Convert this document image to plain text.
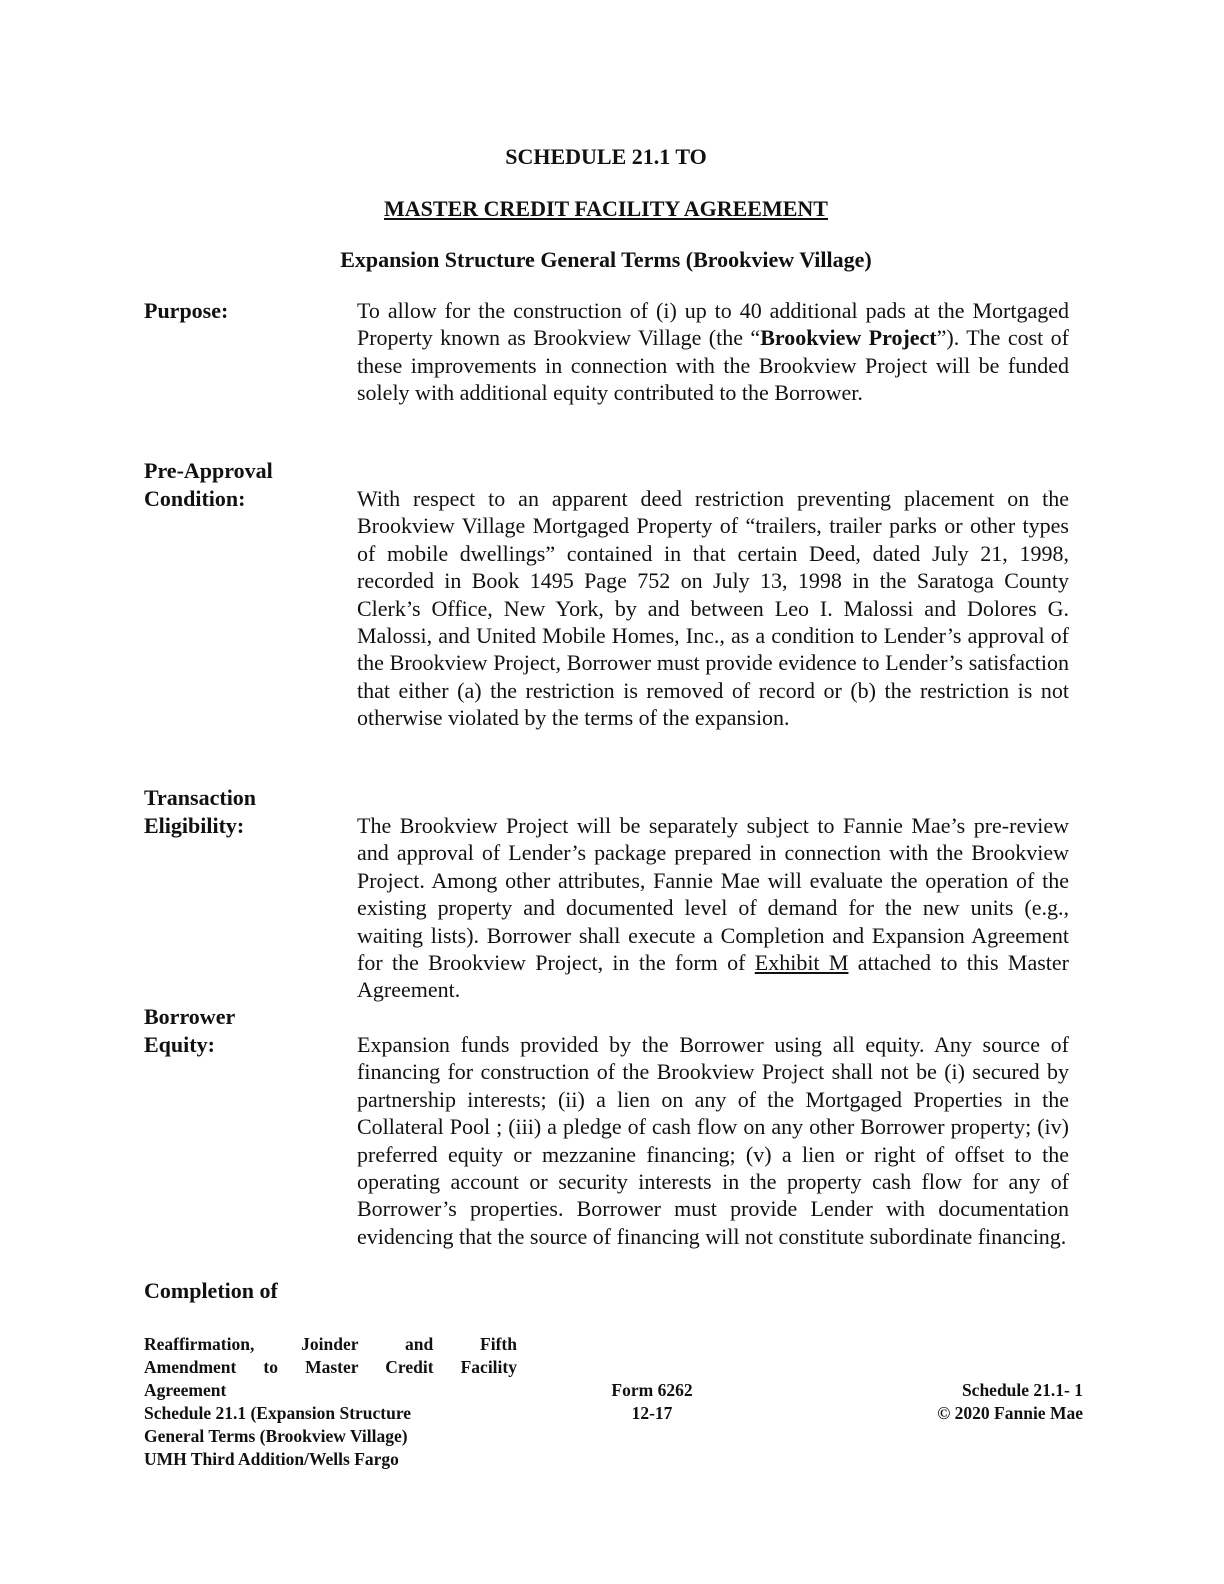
SCHEDULE 21.1 TO
MASTER CREDIT FACILITY AGREEMENT
Expansion Structure General Terms (Brookview Village)
Purpose:	To allow for the construction of (i) up to 40 additional pads at the Mortgaged Property known as Brookview Village (the “Brookview Project”). The cost of these improvements in connection with the Brookview Project will be funded solely with additional equity contributed to the Borrower.
Pre-Approval
Condition:	With respect to an apparent deed restriction preventing placement on the Brookview Village Mortgaged Property of “trailers, trailer parks or other types of mobile dwellings” contained in that certain Deed, dated July 21, 1998, recorded in Book 1495 Page 752 on July 13, 1998 in the Saratoga County Clerk’s Office, New York, by and between Leo I. Malossi and Dolores G. Malossi, and United Mobile Homes, Inc., as a condition to Lender’s approval of the Brookview Project, Borrower must provide evidence to Lender’s satisfaction that either (a) the restriction is removed of record or (b) the restriction is not otherwise violated by the terms of the expansion.
Transaction
Eligibility:	The Brookview Project will be separately subject to Fannie Mae’s pre-review and approval of Lender’s package prepared in connection with the Brookview Project. Among other attributes, Fannie Mae will evaluate the operation of the existing property and documented level of demand for the new units (e.g., waiting lists). Borrower shall execute a Completion and Expansion Agreement for the Brookview Project, in the form of Exhibit M attached to this Master Agreement.
Borrower
Equity:	Expansion funds provided by the Borrower using all equity. Any source of financing for construction of the Brookview Project shall not be (i) secured by partnership interests; (ii) a lien on any of the Mortgaged Properties in the Collateral Pool ; (iii) a pledge of cash flow on any other Borrower property; (iv) preferred equity or mezzanine financing; (v) a lien or right of offset to the operating account or security interests in the property cash flow for any of Borrower’s properties. Borrower must provide Lender with documentation evidencing that the source of financing will not constitute subordinate financing.
Completion of
Reaffirmation, Joinder and Fifth
Amendment to Master Credit Facility
Agreement
Schedule 21.1 (Expansion Structure
General Terms (Brookview Village)
UMH Third Addition/Wells Fargo
Form 6262
12-17
Schedule 21.1- 1
© 2020 Fannie Mae
